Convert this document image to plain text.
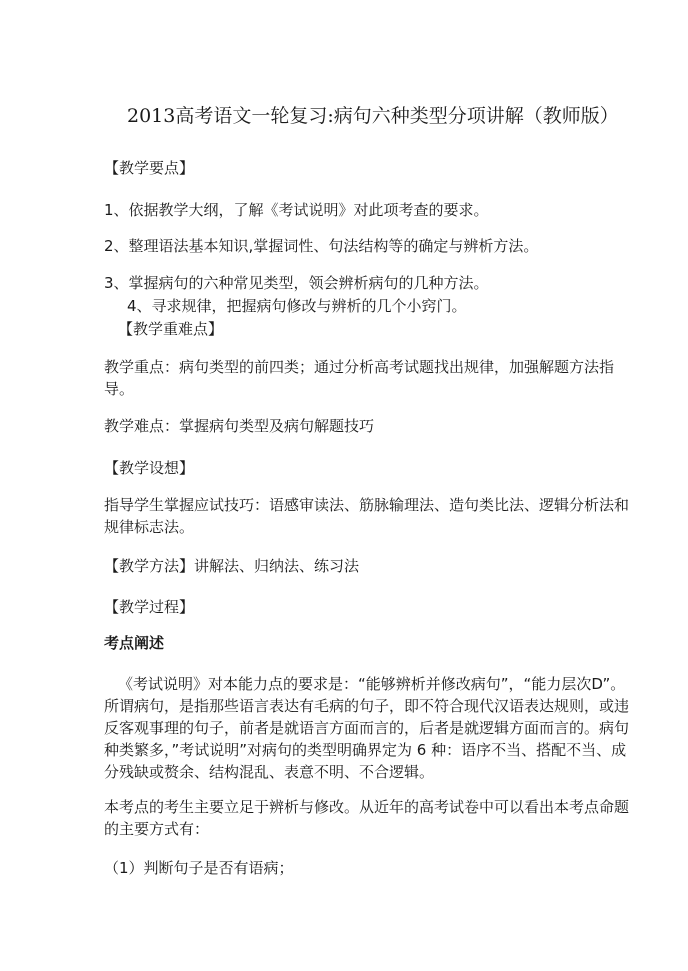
2013高考语文一轮复习:病句六种类型分项讲解（教师版）
【教学要点】
1、依据教学大纲，了解《考试说明》对此项考查的要求。
2、整理语法基本知识,掌握词性、句法结构等的确定与辨析方法。
3、掌握病句的六种常见类型，领会辨析病句的几种方法。
4、寻求规律，把握病句修改与辨析的几个小窍门。
【教学重难点】
教学重点：病句类型的前四类；通过分析高考试题找出规律，加强解题方法指导。
教学难点：掌握病句类型及病句解题技巧
【教学设想】
指导学生掌握应试技巧：语感审读法、筋脉输理法、造句类比法、逻辑分析法和规律标志法。
【教学方法】讲解法、归纳法、练习法
【教学过程】
考点阐述
《考试说明》对本能力点的要求是：“能够辨析并修改病句”，“能力层次D”。所谓病句，是指那些语言表达有毛病的句子，即不符合现代汉语表达规则，或违反客观事理的句子，前者是就语言方面而言的，后者是就逻辑方面而言的。病句种类繁多，”考试说明”对病句的类型明确界定为 6 种：语序不当、搭配不当、成分残缺或赘余、结构混乱、表意不明、不合逻辑。
本考点的考生主要立足于辨析与修改。从近年的高考试卷中可以看出本考点命题的主要方式有：
（1）判断句子是否有语病；
